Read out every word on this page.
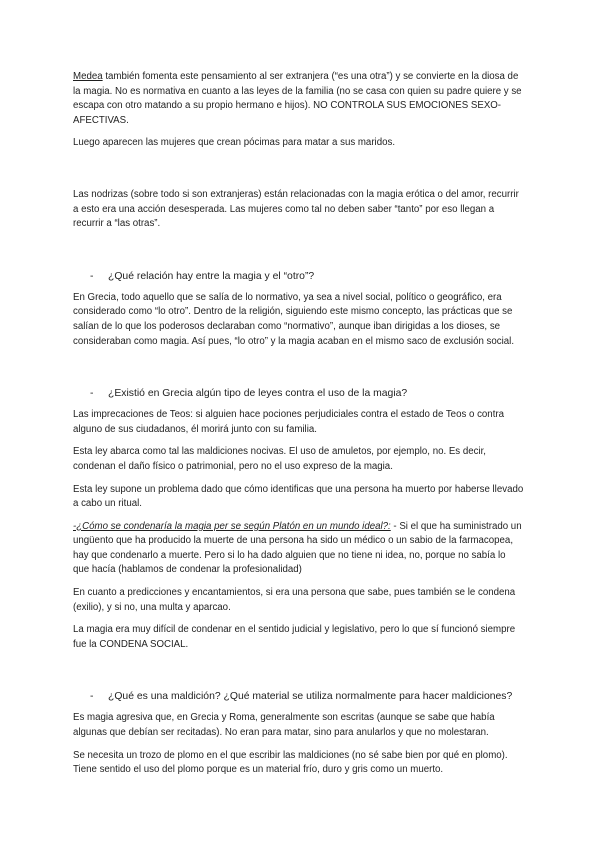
Medea también fomenta este pensamiento al ser extranjera (“es una otra”) y se convierte en la diosa de la magia. No es normativa en cuanto a las leyes de la familia (no se casa con quien su padre quiere y se escapa con otro matando a su propio hermano e hijos). NO CONTROLA SUS EMOCIONES SEXO-AFECTIVAS.

Luego aparecen las mujeres que crean pócimas para matar a sus maridos.

Las nodrizas (sobre todo si son extranjeras) están relacionadas con la magia erótica o del amor, recurrir a esto era una acción desesperada. Las mujeres como tal no deben saber “tanto” por eso llegan a recurrir a “las otras”.

-	¿Qué relación hay entre la magia y el “otro”?

En Grecia, todo aquello que se salía de lo normativo, ya sea a nivel social, político o geográfico, era considerado como “lo otro”. Dentro de la religión, siguiendo este mismo concepto, las prácticas que se salían de lo que los poderosos declaraban como “normativo”, aunque iban dirigidas a los dioses, se consideraban como magia. Así pues, “lo otro” y la magia acaban en el mismo saco de exclusión social.

-	¿Existió en Grecia algún tipo de leyes contra el uso de la magia?

Las imprecaciones de Teos: si alguien hace pociones perjudiciales contra el estado de Teos o contra alguno de sus ciudadanos, él morirá junto con su familia.

Esta ley abarca como tal las maldiciones nocivas. El uso de amuletos, por ejemplo, no. Es decir, condenan el daño físico o patrimonial, pero no el uso expreso de la magia.

Esta ley supone un problema dado que cómo identificas que una persona ha muerto por haberse llevado a cabo un ritual.

-¿Cómo se condenaría la magia per se según Platón en un mundo ideal?: - Si el que ha suministrado un ungüento que ha producido la muerte de una persona ha sido un médico o un sabio de la farmacopea, hay que condenarlo a muerte. Pero si lo ha dado alguien que no tiene ni idea, no, porque no sabía lo que hacía (hablamos de condenar la profesionalidad)

En cuanto a predicciones y encantamientos, si era una persona que sabe, pues también se le condena (exilio), y si no, una multa y aparcao.

La magia era muy difícil de condenar en el sentido judicial y legislativo, pero lo que sí funcionó siempre fue la CONDENA SOCIAL.

-	¿Qué es una maldición? ¿Qué material se utiliza normalmente para hacer maldiciones?

Es magia agresiva que, en Grecia y Roma, generalmente son escritas (aunque se sabe que había algunas que debían ser recitadas). No eran para matar, sino para anularlos y que no molestaran.

Se necesita un trozo de plomo en el que escribir las maldiciones (no sé sabe bien por qué en plomo). Tiene sentido el uso del plomo porque es un material frío, duro y gris como un muerto.
